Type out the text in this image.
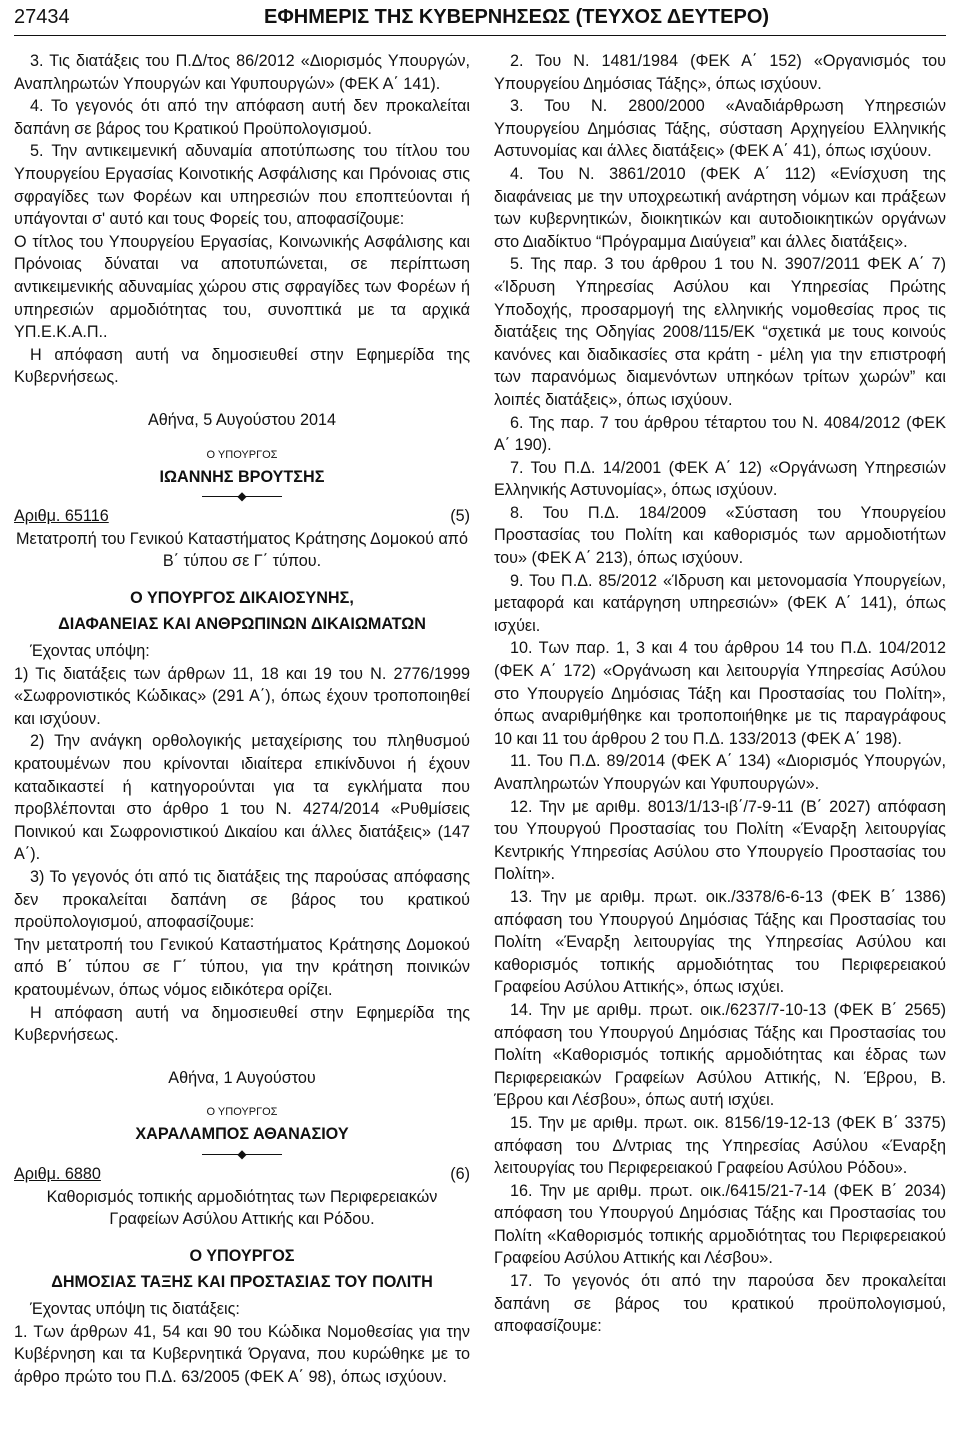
27434	ΕΦΗΜΕΡΙΣ ΤΗΣ ΚΥΒΕΡΝΗΣΕΩΣ (ΤΕΥΧΟΣ ΔΕΥΤΕΡΟ)
3. Τις διατάξεις του Π.Δ/τος 86/2012 «Διορισμός Υπουργών, Αναπληρωτών Υπουργών και Υφυπουργών» (ΦΕΚ Α΄ 141).
4. Το γεγονός ότι από την απόφαση αυτή δεν προκαλείται δαπάνη σε βάρος του Κρατικού Προϋπολογισμού.
5. Την αντικειμενική αδυναμία αποτύπωσης του τίτλου του Υπουργείου Εργασίας Κοινοτικής Ασφάλισης και Πρόνοιας στις σφραγίδες των Φορέων και υπηρεσιών που εποπτεύονται ή υπάγονται σ' αυτό και τους Φορείς του, αποφασίζουμε:
Ο τίτλος του Υπουργείου Εργασίας, Κοινωνικής Ασφάλισης και Πρόνοιας δύναται να αποτυπώνεται, σε περίπτωση αντικειμενικής αδυναμίας χώρου στις σφραγίδες των Φορέων ή υπηρεσιών αρμοδιότητας του, συνοπτικά με τα αρχικά ΥΠ.Ε.Κ.Α.Π..
Η απόφαση αυτή να δημοσιευθεί στην Εφημερίδα της Κυβερνήσεως.
Αθήνα, 5 Αυγούστου 2014
Ο ΥΠΟΥΡΓΟΣ
ΙΩΑΝΝΗΣ ΒΡΟΥΤΣΗΣ
◆
Αριθμ. 65116	(5)
Μετατροπή του Γενικού Καταστήματος Κράτησης Δομοκού από Β΄ τύπου σε Γ΄ τύπου.
Ο ΥΠΟΥΡΓΟΣ ΔΙΚΑΙΟΣΥΝΗΣ,
ΔΙΑΦΑΝΕΙΑΣ ΚΑΙ ΑΝΘΡΩΠΙΝΩΝ ΔΙΚΑΙΩΜΑΤΩΝ
Έχοντας υπόψη:
1) Τις διατάξεις των άρθρων 11, 18 και 19 του Ν. 2776/1999 «Σωφρονιστικός Κώδικας» (291 Α΄), όπως έχουν τροποποιηθεί και ισχύουν.
2) Την ανάγκη ορθολογικής μεταχείρισης του πληθυσμού κρατουμένων που κρίνονται ιδιαίτερα επικίνδυνοι ή έχουν καταδικαστεί ή κατηγορούνται για τα εγκλήματα που προβλέπονται στο άρθρο 1 του Ν. 4274/2014 «Ρυθμίσεις Ποινικού και Σωφρονιστικού Δικαίου και άλλες διατάξεις» (147 Α΄).
3) Το γεγονός ότι από τις διατάξεις της παρούσας απόφασης δεν προκαλείται δαπάνη σε βάρος του κρατικού προϋπολογισμού, αποφασίζουμε:
Την μετατροπή του Γενικού Καταστήματος Κράτησης Δομοκού από Β΄ τύπου σε Γ΄ τύπου, για την κράτηση ποινικών κρατουμένων, όπως νόμος ειδικότερα ορίζει.
Η απόφαση αυτή να δημοσιευθεί στην Εφημερίδα της Κυβερνήσεως.
Αθήνα, 1 Αυγούστου
Ο ΥΠΟΥΡΓΟΣ
ΧΑΡΑΛΑΜΠΟΣ ΑΘΑΝΑΣΙΟΥ
◆
Αριθμ. 6880	(6)
Καθορισμός τοπικής αρμοδιότητας των Περιφερειακών Γραφείων Ασύλου Αττικής και Ρόδου.
Ο ΥΠΟΥΡΓΟΣ
ΔΗΜΟΣΙΑΣ ΤΑΞΗΣ ΚΑΙ ΠΡΟΣΤΑΣΙΑΣ ΤΟΥ ΠΟΛΙΤΗ
Έχοντας υπόψη τις διατάξεις:
1. Των άρθρων 41, 54 και 90 του Κώδικα Νομοθεσίας για την Κυβέρνηση και τα Κυβερνητικά Όργανα, που κυρώθηκε με το άρθρο πρώτο του Π.Δ. 63/2005 (ΦΕΚ Α΄ 98), όπως ισχύουν.
2. Του Ν. 1481/1984 (ΦΕΚ Α΄ 152) «Οργανισμός του Υπουργείου Δημόσιας Τάξης», όπως ισχύουν.
3. Του Ν. 2800/2000 «Αναδιάρθρωση Υπηρεσιών Υπουργείου Δημόσιας Τάξης, σύσταση Αρχηγείου Ελληνικής Αστυνομίας και άλλες διατάξεις» (ΦΕΚ Α΄ 41), όπως ισχύουν.
4. Του Ν. 3861/2010 (ΦΕΚ Α΄ 112) «Ενίσχυση της διαφάνειας με την υποχρεωτική ανάρτηση νόμων και πράξεων των κυβερνητικών, διοικητικών και αυτοδιοικητικών οργάνων στο Διαδίκτυο “Πρόγραμμα Διαύγεια” και άλλες διατάξεις».
5. Της παρ. 3 του άρθρου 1 του Ν. 3907/2011 ΦΕΚ Α΄ 7) «Ίδρυση Υπηρεσίας Ασύλου και Υπηρεσίας Πρώτης Υποδοχής, προσαρμογή της ελληνικής νομοθεσίας προς τις διατάξεις της Οδηγίας 2008/115/ΕΚ “σχετικά με τους κοινούς κανόνες και διαδικασίες στα κράτη - μέλη για την επιστροφή των παρανόμως διαμενόντων υπηκόων τρίτων χωρών” και λοιπές διατάξεις», όπως ισχύουν.
6. Της παρ. 7 του άρθρου τέταρτου του Ν. 4084/2012 (ΦΕΚ Α΄ 190).
7. Του Π.Δ. 14/2001 (ΦΕΚ Α΄ 12) «Οργάνωση Υπηρεσιών Ελληνικής Αστυνομίας», όπως ισχύουν.
8. Του Π.Δ. 184/2009 «Σύσταση του Υπουργείου Προστασίας του Πολίτη και καθορισμός των αρμοδιοτήτων του» (ΦΕΚ Α΄ 213), όπως ισχύουν.
9. Του Π.Δ. 85/2012 «Ίδρυση και μετονομασία Υπουργείων, μεταφορά και κατάργηση υπηρεσιών» (ΦΕΚ Α΄ 141), όπως ισχύει.
10. Των παρ. 1, 3 και 4 του άρθρου 14 του Π.Δ. 104/2012 (ΦΕΚ Α΄ 172) «Οργάνωση και λειτουργία Υπηρεσίας Ασύλου στο Υπουργείο Δημόσιας Τάξη και Προστασίας του Πολίτη», όπως αναριθμήθηκε και τροποποιήθηκε με τις παραγράφους 10 και 11 του άρθρου 2 του Π.Δ. 133/2013 (ΦΕΚ Α΄ 198).
11. Του Π.Δ. 89/2014 (ΦΕΚ Α΄ 134) «Διορισμός Υπουργών, Αναπληρωτών Υπουργών και Υφυπουργών».
12. Την με αριθμ. 8013/1/13-ιβ΄/7-9-11 (Β΄ 2027) απόφαση του Υπουργού Προστασίας του Πολίτη «Έναρξη λειτουργίας Κεντρικής Υπηρεσίας Ασύλου στο Υπουργείο Προστασίας του Πολίτη».
13. Την με αριθμ. πρωτ. οικ./3378/6-6-13 (ΦΕΚ Β΄ 1386) απόφαση του Υπουργού Δημόσιας Τάξης και Προστασίας του Πολίτη «Έναρξη λειτουργίας της Υπηρεσίας Ασύλου και καθορισμός τοπικής αρμοδιότητας του Περιφερειακού Γραφείου Ασύλου Αττικής», όπως ισχύει.
14. Την με αριθμ. πρωτ. οικ./6237/7-10-13 (ΦΕΚ Β΄ 2565) απόφαση του Υπουργού Δημόσιας Τάξης και Προστασίας του Πολίτη «Καθορισμός τοπικής αρμοδιότητας και έδρας των Περιφερειακών Γραφείων Ασύλου Αττικής, Ν. Έβρου, Β. Έβρου και Λέσβου», όπως αυτή ισχύει.
15. Την με αριθμ. πρωτ. οικ. 8156/19-12-13 (ΦΕΚ Β΄ 3375) απόφαση του Δ/ντριας της Υπηρεσίας Ασύλου «Έναρξη λειτουργίας του Περιφερειακού Γραφείου Ασύλου Ρόδου».
16. Την με αριθμ. πρωτ. οικ./6415/21-7-14 (ΦΕΚ Β΄ 2034) απόφαση του Υπουργού Δημόσιας Τάξης και Προστασίας του Πολίτη «Καθορισμός τοπικής αρμοδιότητας του Περιφερειακού Γραφείου Ασύλου Αττικής και Λέσβου».
17. Το γεγονός ότι από την παρούσα δεν προκαλείται δαπάνη σε βάρος του κρατικού προϋπολογισμού, αποφασίζουμε:
